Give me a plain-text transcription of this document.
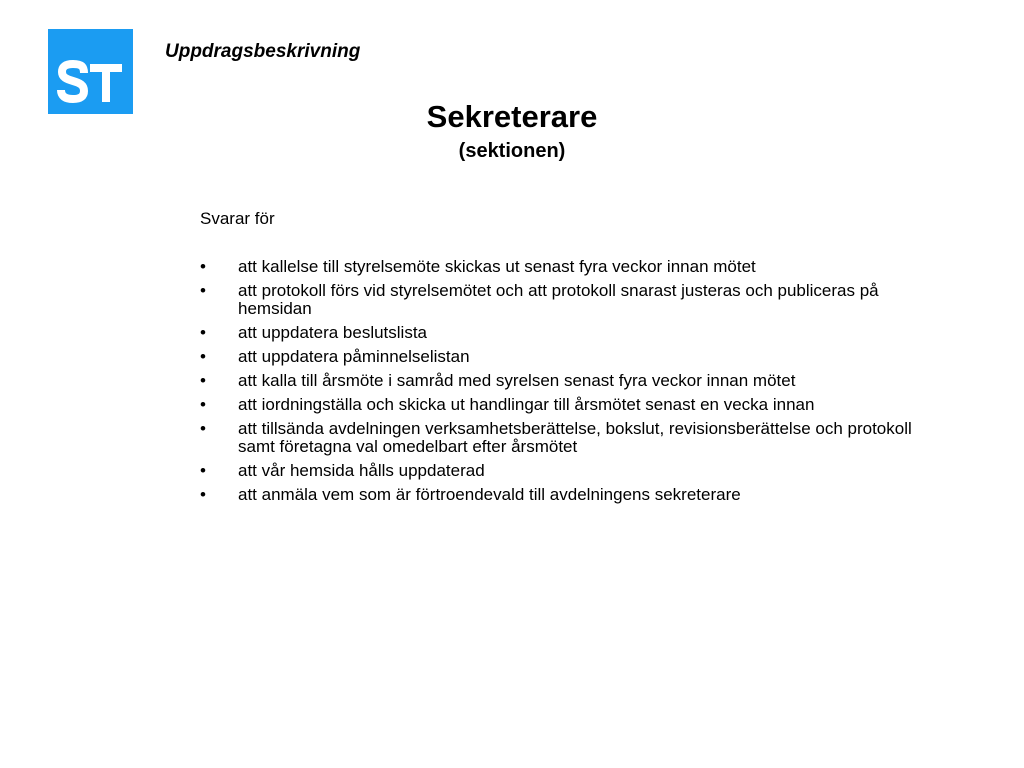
Uppdragsbeskrivning
Sekreterare
(sektionen)
Svarar för
• att kallelse till styrelsemöte skickas ut senast fyra veckor innan mötet
• att protokoll förs vid styrelsemötet och att protokoll snarast justeras och publiceras på hemsidan
• att uppdatera beslutslista
• att uppdatera påminnelselistan
• att kalla till årsmöte i samråd med syrelsen senast fyra veckor innan mötet
• att iordningställa och skicka ut handlingar till årsmötet senast en vecka innan
• att tillsända avdelningen verksamhetsberättelse, bokslut, revisionsberättelse och protokoll samt företagna val omedelbart efter årsmötet
• att vår hemsida hålls uppdaterad
• att anmäla vem som är förtroendevald till avdelningens sekreterare
